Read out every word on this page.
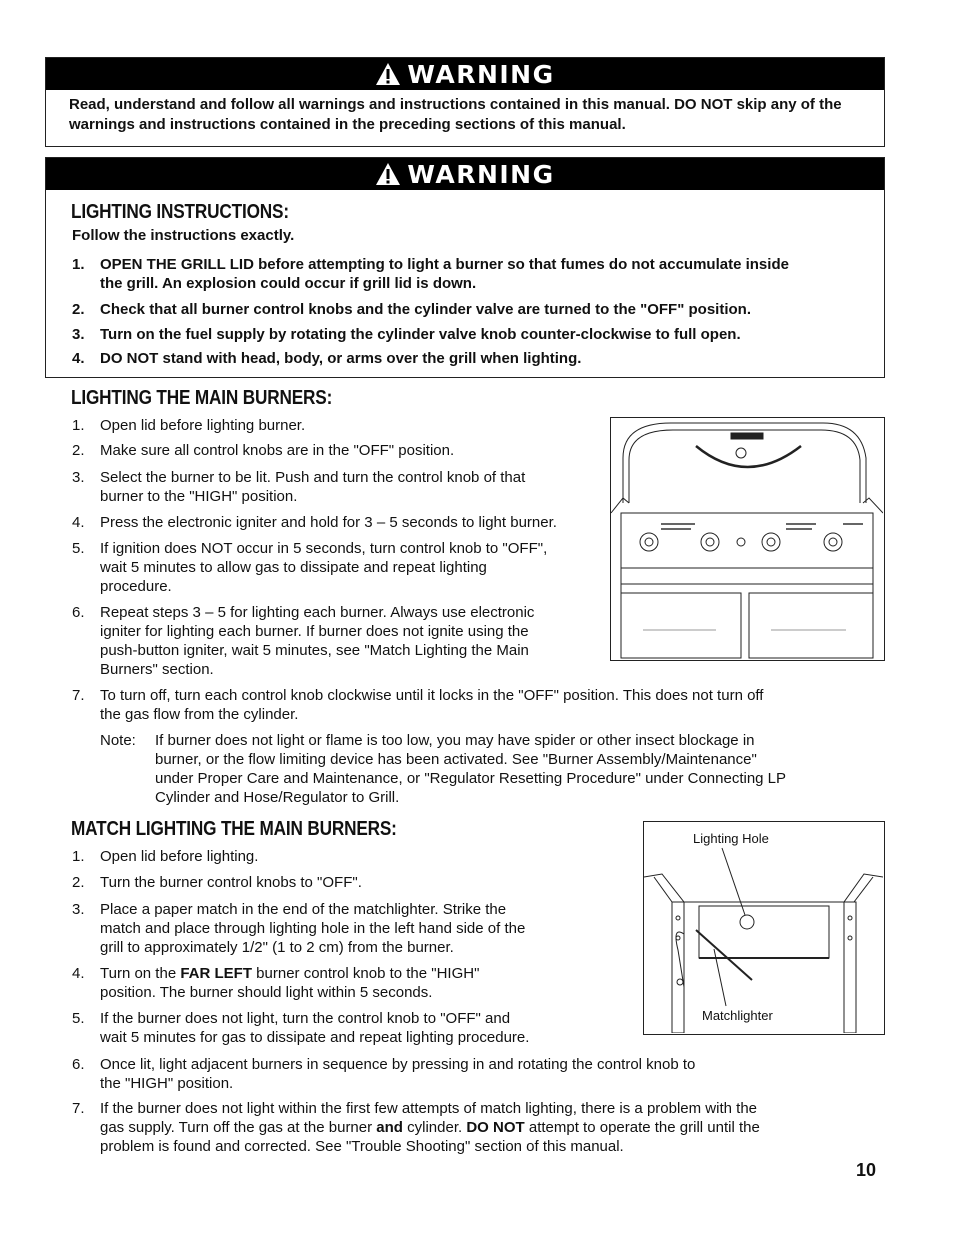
WARNING

Read, understand and follow all warnings and instructions contained in this manual. DO NOT skip any of the warnings and instructions contained in the preceding sections of this manual.

WARNING
LIGHTING INSTRUCTIONS:
Follow the instructions exactly.
1. OPEN THE GRILL LID before attempting to light a burner so that fumes do not accumulate inside
the grill. An explosion could occur if grill lid is down.
2. Check that all burner control knobs and the cylinder valve are turned to the "OFF" position.
3. Turn on the fuel supply by rotating the cylinder valve knob counter-clockwise to full open.
4. DO NOT stand with head, body, or arms over the grill when lighting.
LIGHTING THE MAIN BURNERS:
1. Open lid before lighting burner.
2. Make sure all control knobs are in the "OFF" position.
3. Select the burner to be lit. Push and turn the control knob of that
burner to the "HIGH" position.
4. Press the electronic igniter and hold for 3 – 5 seconds to light burner.
5. If ignition does NOT occur in 5 seconds, turn control knob to "OFF",
wait 5 minutes to allow gas to dissipate and repeat lighting
procedure.
6. Repeat steps 3 – 5 for lighting each burner. Always use electronic
igniter for lighting each burner. If burner does not ignite using the
push-button igniter, wait 5 minutes, see "Match Lighting the Main
Burners" section.
7. To turn off, turn each control knob clockwise until it locks in the "OFF" position. This does not turn off
the gas flow from the cylinder.
Note: If burner does not light or flame is too low, you may have spider or other insect blockage in
burner, or the flow limiting device has been activated. See "Burner Assembly/Maintenance"
under Proper Care and Maintenance, or "Regulator Resetting Procedure" under Connecting LP
Cylinder and Hose/Regulator to Grill.
MATCH LIGHTING THE MAIN BURNERS:
1. Open lid before lighting.
2. Turn the burner control knobs to "OFF".
3. Place a paper match in the end of the matchlighter. Strike the
match and place through lighting hole in the left hand side of the
grill to approximately 1/2" (1 to 2 cm) from the burner.
4. Turn on the FAR LEFT burner control knob to the "HIGH"
position. The burner should light within 5 seconds.
5. If the burner does not light, turn the control knob to "OFF" and
wait 5 minutes for gas to dissipate and repeat lighting procedure.
6. Once lit, light adjacent burners in sequence by pressing in and rotating the control knob to
the "HIGH" position.
7. If the burner does not light within the first few attempts of match lighting, there is a problem with the
gas supply. Turn off the gas at the burner and cylinder. DO NOT attempt to operate the grill until the
problem is found and corrected. See "Trouble Shooting" section of this manual.
Lighting Hole
Matchlighter
10
